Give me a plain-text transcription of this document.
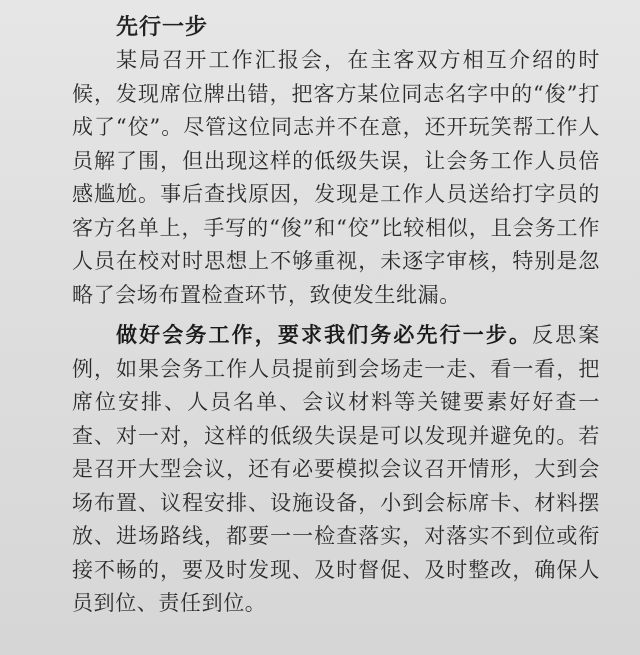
先行一步

某局召开工作汇报会，在主客双方相互介绍的时候，发现席位牌出错，把客方某位同志名字中的“俊”打成了“佼”。尽管这位同志并不在意，还开玩笑帮工作人员解了围，但出现这样的低级失误，让会务工作人员倍感尴尬。事后查找原因，发现是工作人员送给打字员的客方名单上，手写的“俊”和“佼”比较相似，且会务工作人员在校对时思想上不够重视，未逐字审核，特别是忽略了会场布置检查环节，致使发生纰漏。

做好会务工作，要求我们务必先行一步。反思案例，如果会务工作人员提前到会场走一走、看一看，把席位安排、人员名单、会议材料等关键要素好好查一查、对一对，这样的低级失误是可以发现并避免的。若是召开大型会议，还有必要模拟会议召开情形，大到会场布置、议程安排、设施设备，小到会标席卡、材料摆放、进场路线，都要一一检查落实，对落实不到位或衔接不畅的，要及时发现、及时督促、及时整改，确保人员到位、责任到位。
